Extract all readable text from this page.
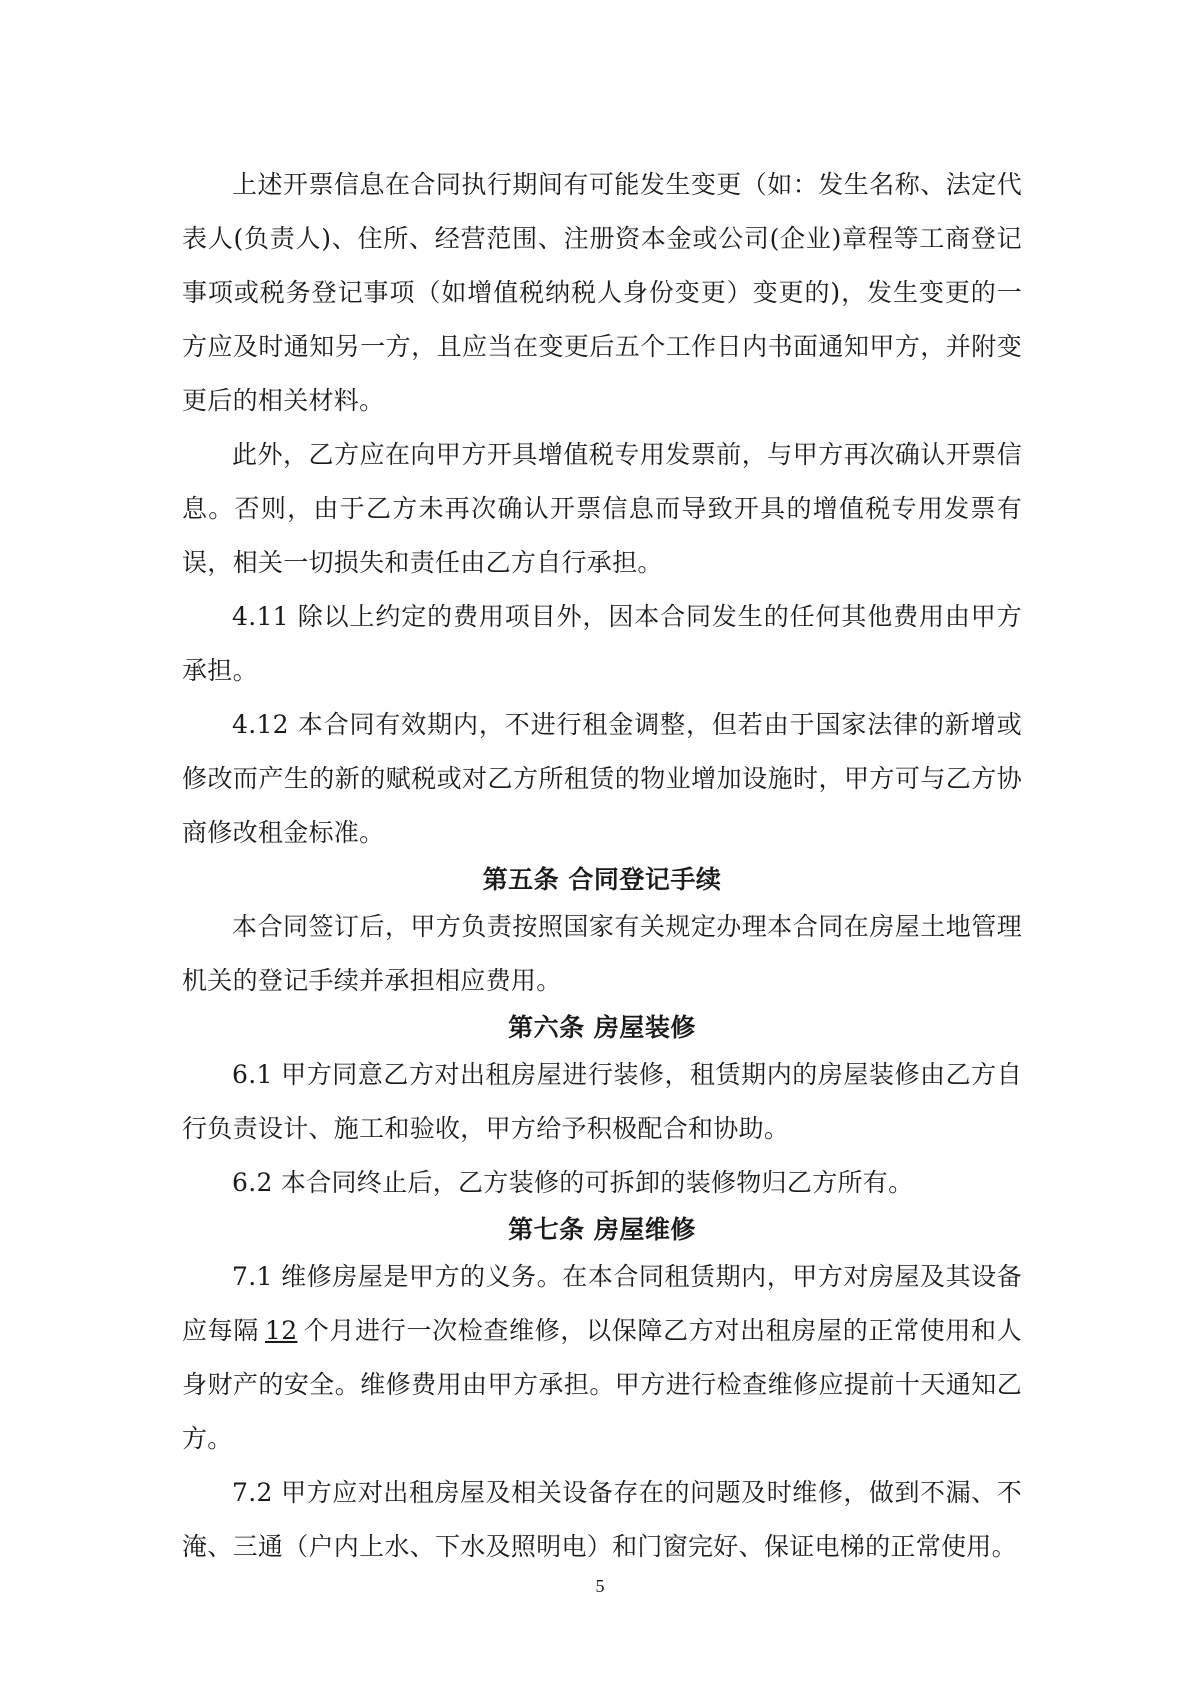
上述开票信息在合同执行期间有可能发生变更（如：发生名称、法定代表人(负责人)、住所、经营范围、注册资本金或公司(企业)章程等工商登记事项或税务登记事项（如增值税纳税人身份变更）变更的)，发生变更的一方应及时通知另一方，且应当在变更后五个工作日内书面通知甲方，并附变更后的相关材料。

此外，乙方应在向甲方开具增值税专用发票前，与甲方再次确认开票信息。否则，由于乙方未再次确认开票信息而导致开具的增值税专用发票有误，相关一切损失和责任由乙方自行承担。

4.11 除以上约定的费用项目外，因本合同发生的任何其他费用由甲方承担。

4.12 本合同有效期内，不进行租金调整，但若由于国家法律的新增或修改而产生的新的赋税或对乙方所租赁的物业增加设施时，甲方可与乙方协商修改租金标准。

第五条 合同登记手续

本合同签订后，甲方负责按照国家有关规定办理本合同在房屋土地管理机关的登记手续并承担相应费用。

第六条 房屋装修

6.1 甲方同意乙方对出租房屋进行装修，租赁期内的房屋装修由乙方自行负责设计、施工和验收，甲方给予积极配合和协助。

6.2 本合同终止后，乙方装修的可拆卸的装修物归乙方所有。

第七条 房屋维修

7.1 维修房屋是甲方的义务。在本合同租赁期内，甲方对房屋及其设备应每隔 12 个月进行一次检查维修，以保障乙方对出租房屋的正常使用和人身财产的安全。维修费用由甲方承担。甲方进行检查维修应提前十天通知乙方。

7.2 甲方应对出租房屋及相关设备存在的问题及时维修，做到不漏、不淹、三通（户内上水、下水及照明电）和门窗完好、保证电梯的正常使用。

5
